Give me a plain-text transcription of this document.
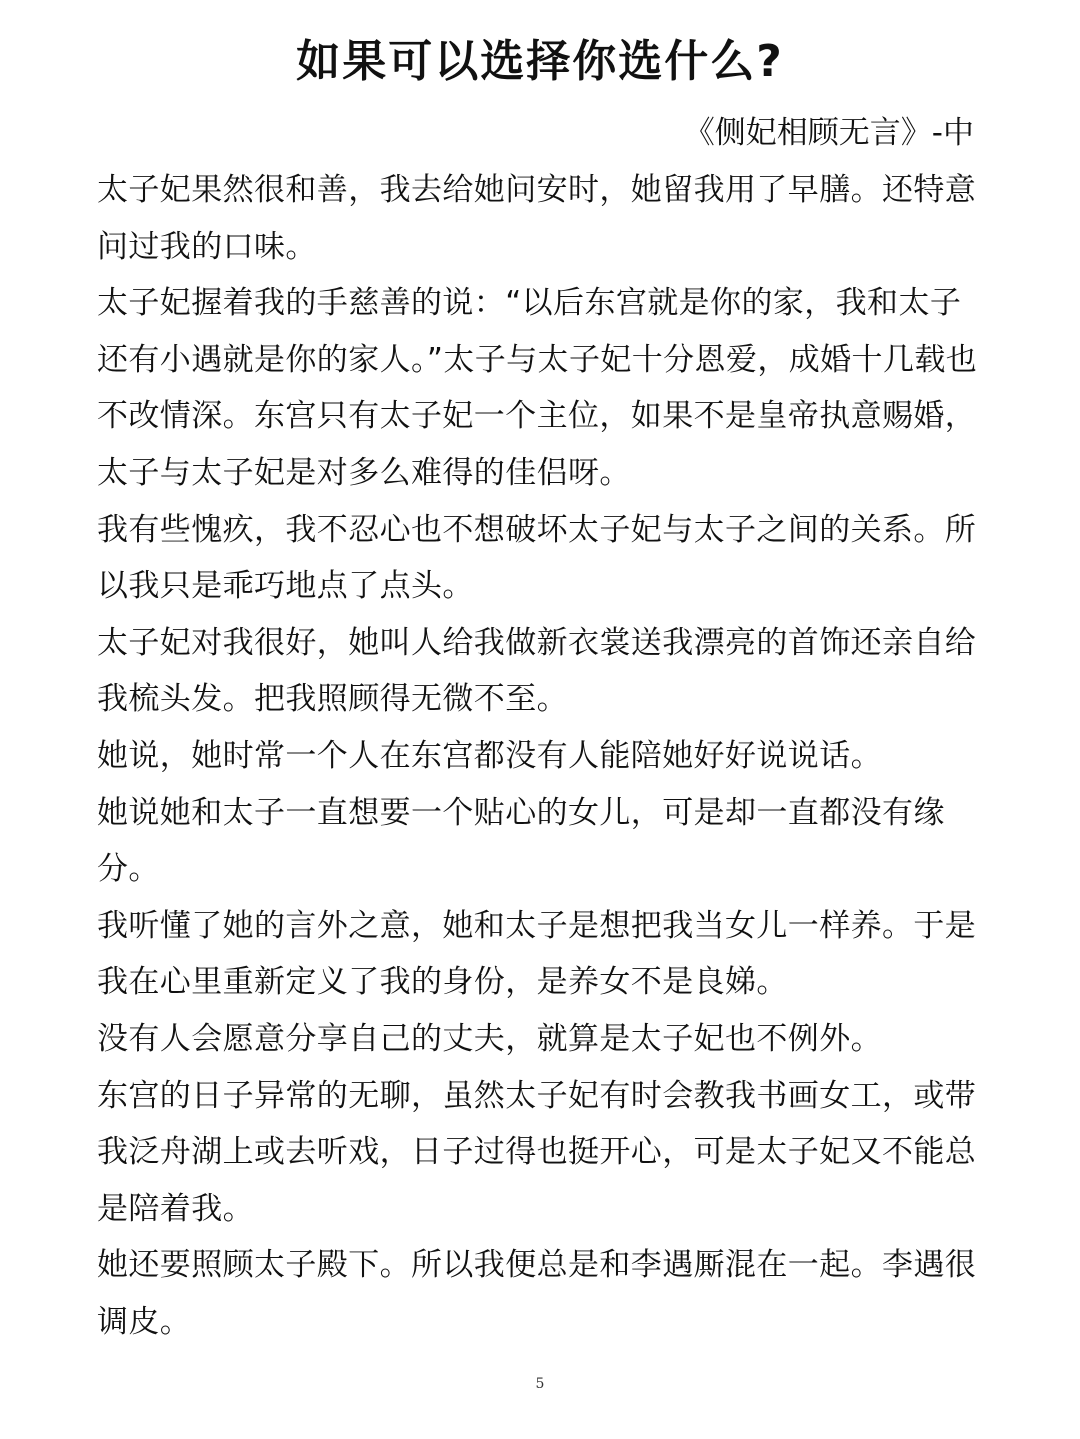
如果可以选择你选什么?
《侧妃相顾无言》-中

太子妃果然很和善，我去给她问安时，她留我用了早膳。还特意问过我的口味。

太子妃握着我的手慈善的说：“以后东宫就是你的家，我和太子还有小遇就是你的家人。”太子与太子妃十分恩爱，成婚十几载也不改情深。东宫只有太子妃一个主位，如果不是皇帝执意赐婚，太子与太子妃是对多么难得的佳侣呀。

我有些愧疚，我不忍心也不想破坏太子妃与太子之间的关系。所以我只是乖巧地点了点头。

太子妃对我很好，她叫人给我做新衣裳送我漂亮的首饰还亲自给我梳头发。把我照顾得无微不至。

她说，她时常一个人在东宫都没有人能陪她好好说说话。

她说她和太子一直想要一个贴心的女儿，可是却一直都没有缘分。

我听懂了她的言外之意，她和太子是想把我当女儿一样养。于是我在心里重新定义了我的身份，是养女不是良娣。

没有人会愿意分享自己的丈夫，就算是太子妃也不例外。

东宫的日子异常的无聊，虽然太子妃有时会教我书画女工，或带我泛舟湖上或去听戏，日子过得也挺开心，可是太子妃又不能总是陪着我。

她还要照顾太子殿下。所以我便总是和李遇厮混在一起。李遇很调皮。

5
